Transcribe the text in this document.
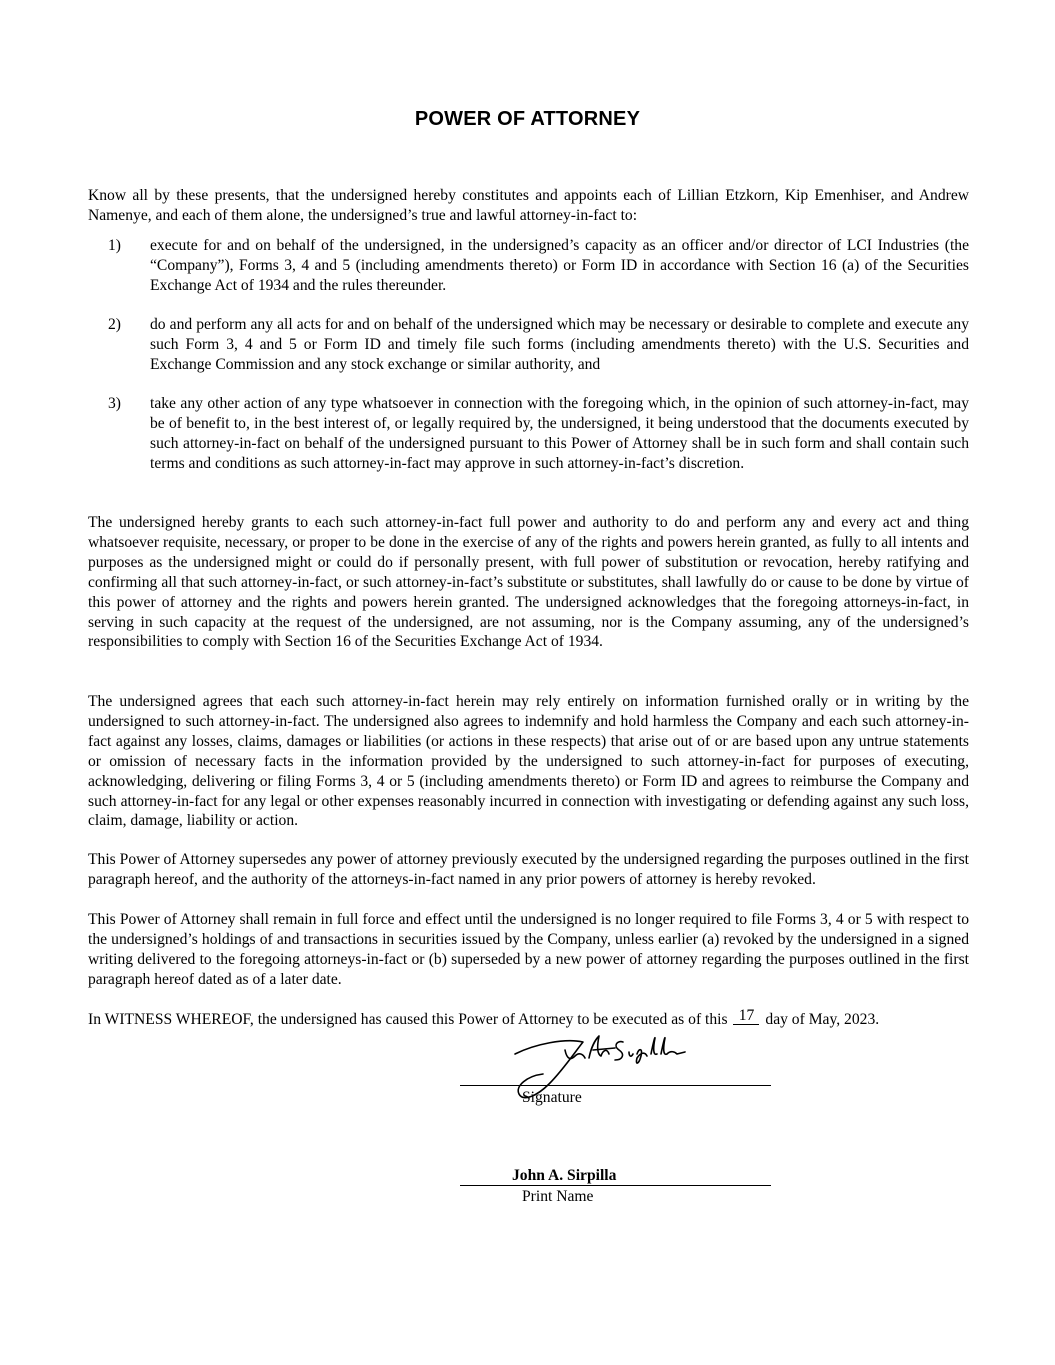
POWER OF ATTORNEY

Know all by these presents, that the undersigned hereby constitutes and appoints each of Lillian Etzkorn, Kip Emenhiser, and Andrew Namenye, and each of them alone, the undersigned’s true and lawful attorney-in-fact to:

1) execute for and on behalf of the undersigned, in the undersigned’s capacity as an officer and/or director of LCI Industries (the “Company”), Forms 3, 4 and 5 (including amendments thereto) or Form ID in accordance with Section 16 (a) of the Securities Exchange Act of 1934 and the rules thereunder.
2) do and perform any all acts for and on behalf of the undersigned which may be necessary or desirable to complete and execute any such Form 3, 4 and 5 or Form ID and timely file such forms (including amendments thereto) with the U.S. Securities and Exchange Commission and any stock exchange or similar authority, and
3) take any other action of any type whatsoever in connection with the foregoing which, in the opinion of such attorney-in-fact, may be of benefit to, in the best interest of, or legally required by, the undersigned, it being understood that the documents executed by such attorney-in-fact on behalf of the undersigned pursuant to this Power of Attorney shall be in such form and shall contain such terms and conditions as such attorney-in-fact may approve in such attorney-in-fact’s discretion.

The undersigned hereby grants to each such attorney-in-fact full power and authority to do and perform any and every act and thing whatsoever requisite, necessary, or proper to be done in the exercise of any of the rights and powers herein granted, as fully to all intents and purposes as the undersigned might or could do if personally present, with full power of substitution or revocation, hereby ratifying and confirming all that such attorney-in-fact, or such attorney-in-fact’s substitute or substitutes, shall lawfully do or cause to be done by virtue of this power of attorney and the rights and powers herein granted. The undersigned acknowledges that the foregoing attorneys-in-fact, in serving in such capacity at the request of the undersigned, are not assuming, nor is the Company assuming, any of the undersigned’s responsibilities to comply with Section 16 of the Securities Exchange Act of 1934.

The undersigned agrees that each such attorney-in-fact herein may rely entirely on information furnished orally or in writing by the undersigned to such attorney-in-fact. The undersigned also agrees to indemnify and hold harmless the Company and each such attorney-in-fact against any losses, claims, damages or liabilities (or actions in these respects) that arise out of or are based upon any untrue statements or omission of necessary facts in the information provided by the undersigned to such attorney-in-fact for purposes of executing, acknowledging, delivering or filing Forms 3, 4 or 5 (including amendments thereto) or Form ID and agrees to reimburse the Company and such attorney-in-fact for any legal or other expenses reasonably incurred in connection with investigating or defending against any such loss, claim, damage, liability or action.

This Power of Attorney supersedes any power of attorney previously executed by the undersigned regarding the purposes outlined in the first paragraph hereof, and the authority of the attorneys-in-fact named in any prior powers of attorney is hereby revoked.

This Power of Attorney shall remain in full force and effect until the undersigned is no longer required to file Forms 3, 4 or 5 with respect to the undersigned’s holdings of and transactions in securities issued by the Company, unless earlier (a) revoked by the undersigned in a signed writing delivered to the foregoing attorneys-in-fact or (b) superseded by a new power of attorney regarding the purposes outlined in the first paragraph hereof dated as of a later date.

In WITNESS WHEREOF, the undersigned has caused this Power of Attorney to be executed as of this 17 day of May, 2023.
Signature
John A. Sirpilla
Print Name
